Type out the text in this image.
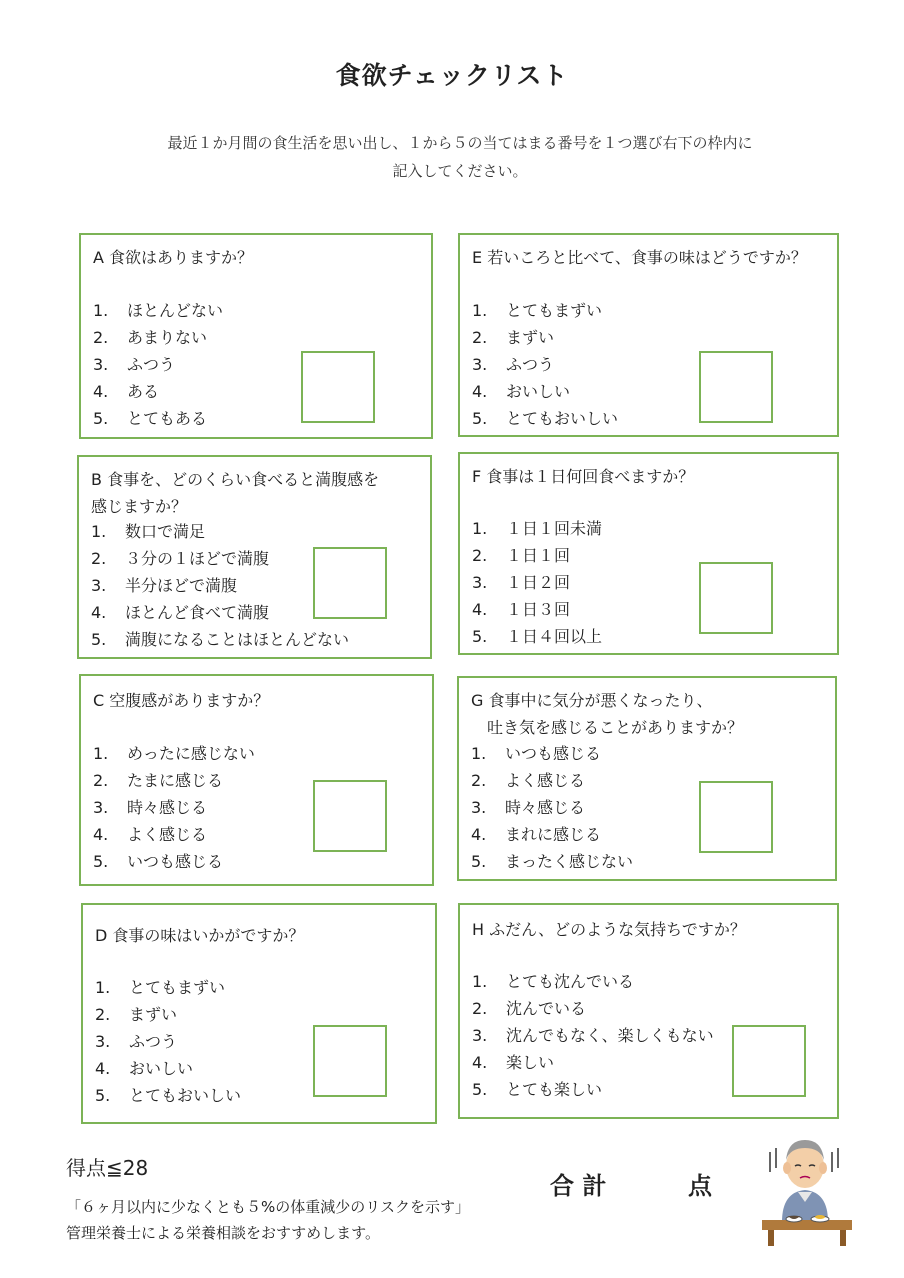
食欲チェックリスト
最近１か月間の食生活を思い出し、１から５の当てはまる番号を１つ選び右下の枠内に
記入してください。
A 食欲はありますか？
1. ほとんどない
2. あまりない
3. ふつう
4. ある
5. とてもある
B 食事を、どのくらい食べると満腹感を
感じますか？
1. 数口で満足
2. ３分の１ほどで満腹
3. 半分ほどで満腹
4. ほとんど食べて満腹
5. 満腹になることはほとんどない
C 空腹感がありますか？
1. めったに感じない
2. たまに感じる
3. 時々感じる
4. よく感じる
5. いつも感じる
D 食事の味はいかがですか？
1. とてもまずい
2. まずい
3. ふつう
4. おいしい
5. とてもおいしい
E 若いころと比べて、食事の味はどうですか？
1. とてもまずい
2. まずい
3. ふつう
4. おいしい
5. とてもおいしい
F 食事は１日何回食べますか？
1. １日１回未満
2. １日１回
3. １日２回
4. １日３回
5. １日４回以上
G 食事中に気分が悪くなったり、
　吐き気を感じることがありますか？
1. いつも感じる
2. よく感じる
3. 時々感じる
4. まれに感じる
5. まったく感じない
H ふだん、どのような気持ちですか？
1. とても沈んでいる
2. 沈んでいる
3. 沈んでもなく、楽しくもない
4. 楽しい
5. とても楽しい
得点≦28
「６ヶ月以内に少なくとも５%の体重減少のリスクを示す」
管理栄養士による栄養相談をおすすめします。
合 計	点
